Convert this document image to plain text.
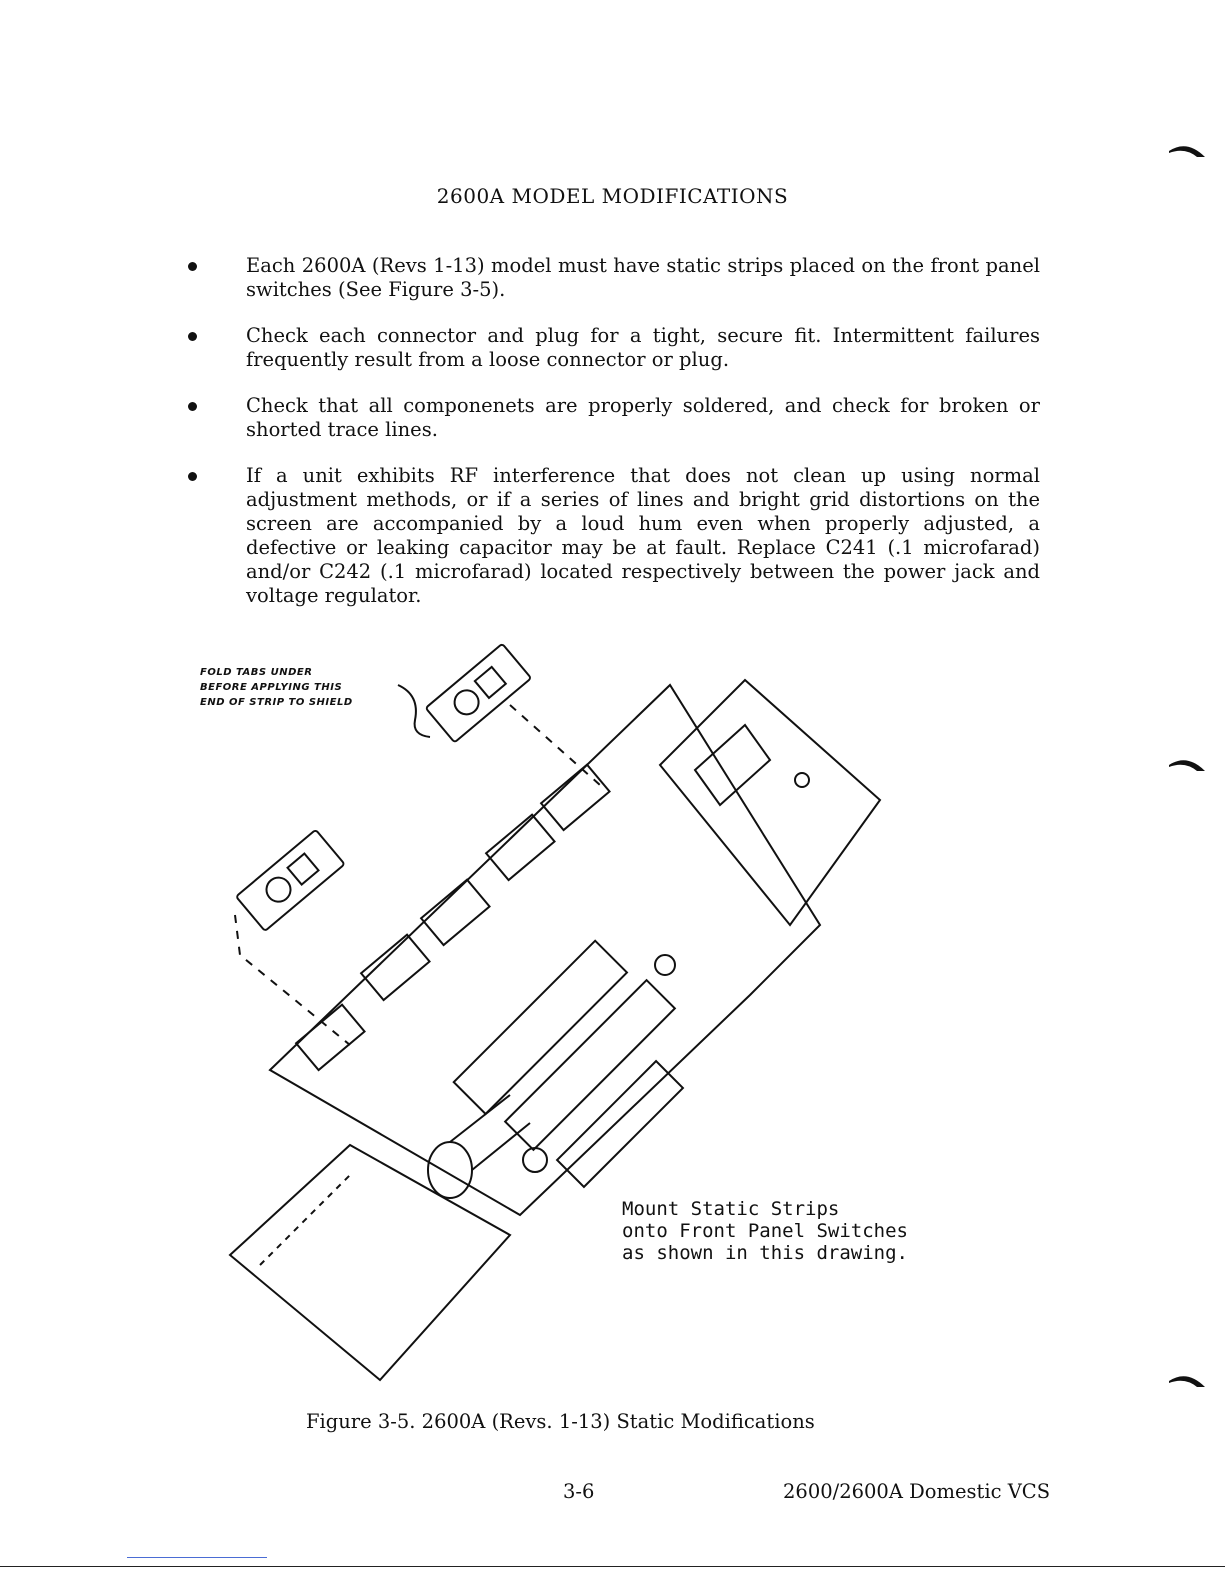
2600A MODEL MODIFICATIONS
Each 2600A (Revs 1-13) model must have static strips placed on the front panel switches (See Figure 3-5).
Check each connector and plug for a tight, secure fit. Intermittent failures frequently result from a loose connector or plug.
Check that all componenets are properly soldered, and check for broken or shorted trace lines.
If a unit exhibits RF interference that does not clean up using normal adjustment methods, or if a series of lines and bright grid distortions on the screen are accompanied by a loud hum even when properly adjusted, a defective or leaking capacitor may be at fault. Replace C241 (.1 microfarad) and/or C242 (.1 microfarad) located respectively between the power jack and voltage regulator.
FOLD TABS UNDER
BEFORE APPLYING THIS
END OF STRIP TO SHIELD
Mount Static Strips
onto Front Panel Switches
as shown in this drawing.
Figure 3-5. 2600A (Revs. 1-13) Static Modifications
3-6	2600/2600A Domestic VCS
